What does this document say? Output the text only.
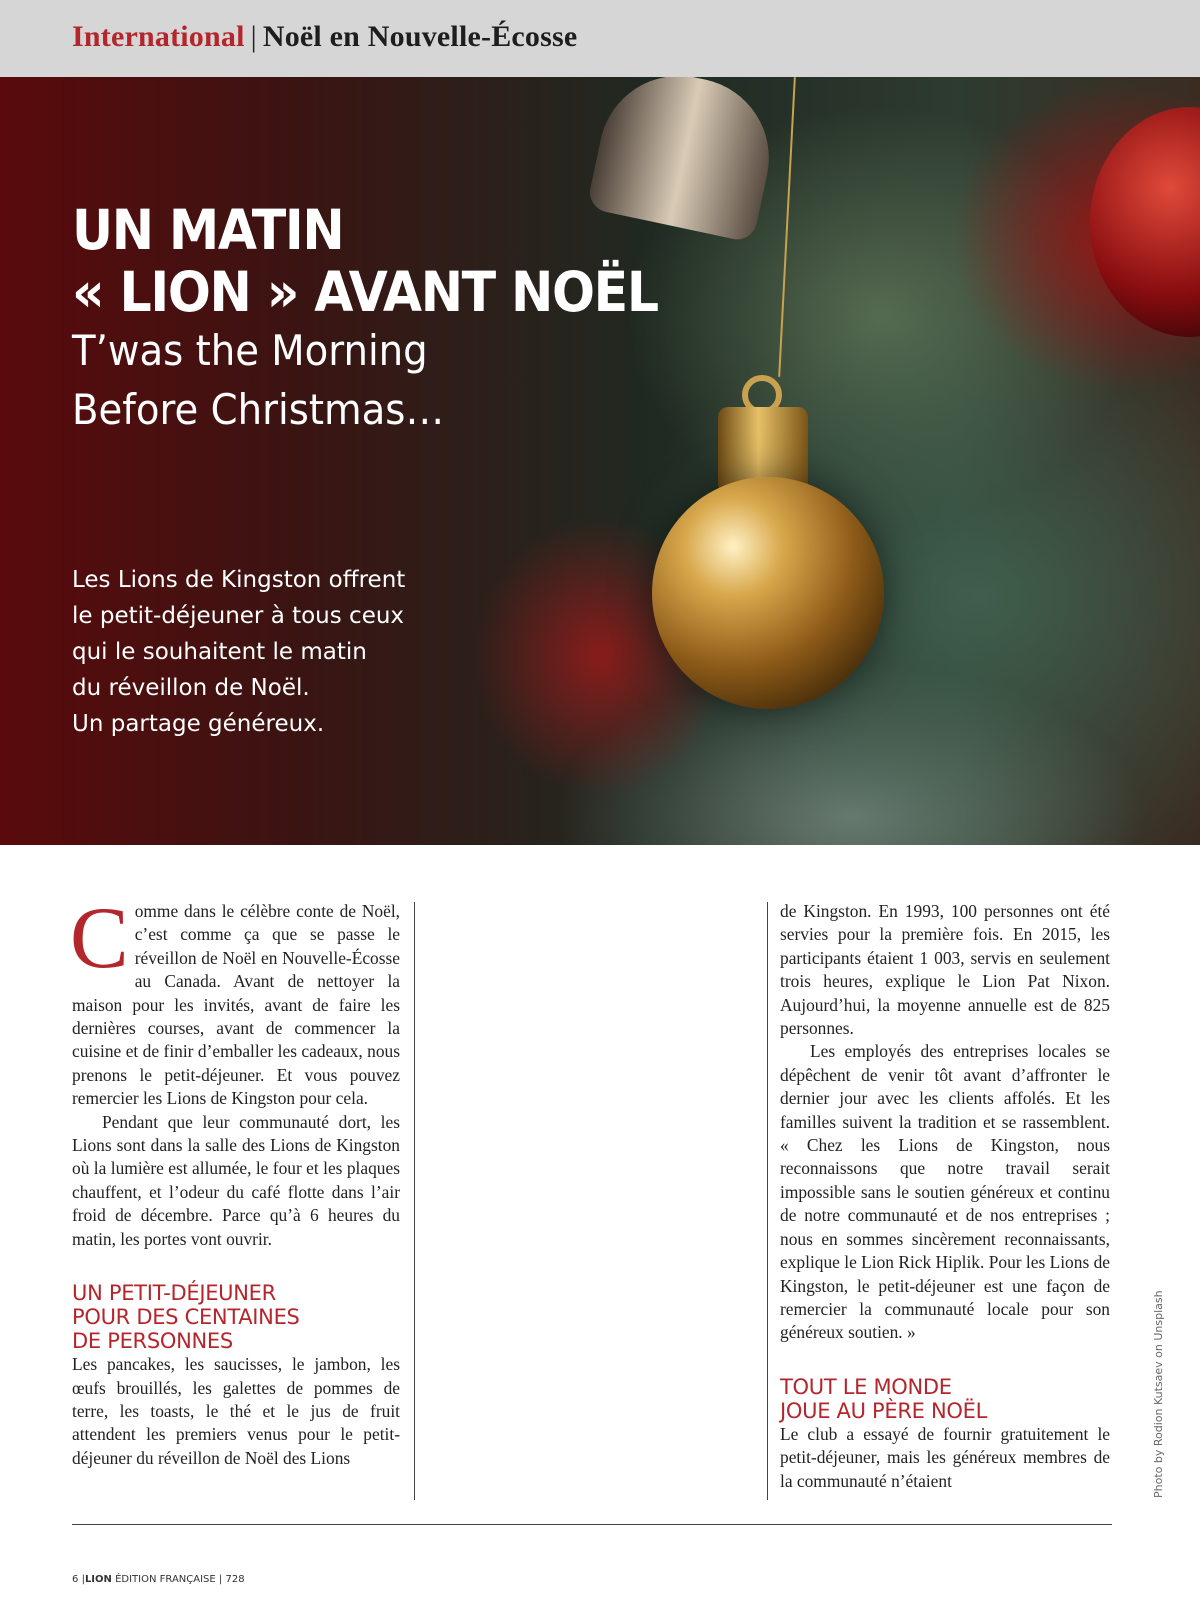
International | Noël en Nouvelle-Écosse
UN MATIN
« LION » AVANT NOËL
T’was the Morning
Before Christmas…

Les Lions de Kingston offrent
le petit-déjeuner à tous ceux
qui le souhaitent le matin
du réveillon de Noël.
Un partage généreux.

Comme dans le célèbre conte de Noël, c’est comme ça que se passe le réveillon de Noël en Nouvelle-Écosse au Canada. Avant de nettoyer la maison pour les invités, avant de faire les dernières courses, avant de commencer la cuisine et de finir d’emballer les cadeaux, nous prenons le petit-déjeuner. Et vous pouvez remercier les Lions de Kingston pour cela.

Pendant que leur communauté dort, les Lions sont dans la salle des Lions de Kingston où la lumière est allumée, le four et les plaques chauffent, et l’odeur du café flotte dans l’air froid de décembre. Parce qu’à 6 heures du matin, les portes vont ouvrir.

UN PETIT-DÉJEUNER
POUR DES CENTAINES
DE PERSONNES

Les pancakes, les saucisses, le jambon, les œufs brouillés, les galettes de pommes de terre, les toasts, le thé et le jus de fruit attendent les premiers venus pour le petit-déjeuner du réveillon de Noël des Lions

de Kingston. En 1993, 100 personnes ont été servies pour la première fois. En 2015, les participants étaient 1 003, servis en seulement trois heures, explique le Lion Pat Nixon. Aujourd’hui, la moyenne annuelle est de 825 personnes.

Les employés des entreprises locales se dépêchent de venir tôt avant d’affronter le dernier jour avec les clients affolés. Et les familles suivent la tradition et se rassemblent. « Chez les Lions de Kingston, nous reconnaissons que notre travail serait impossible sans le soutien généreux et continu de notre communauté et de nos entreprises ; nous en sommes sincèrement reconnaissants, explique le Lion Rick Hiplik. Pour les Lions de Kingston, le petit-déjeuner est une façon de remercier la communauté locale pour son généreux soutien. »

TOUT LE MONDE
JOUE AU PÈRE NOËL

Le club a essayé de fournir gratuitement le petit-déjeuner, mais les généreux membres de la communauté n’étaient	Photo by Rodion Kutsaev on Unsplash
6 |LION ÉDITION FRANÇAISE | 728
